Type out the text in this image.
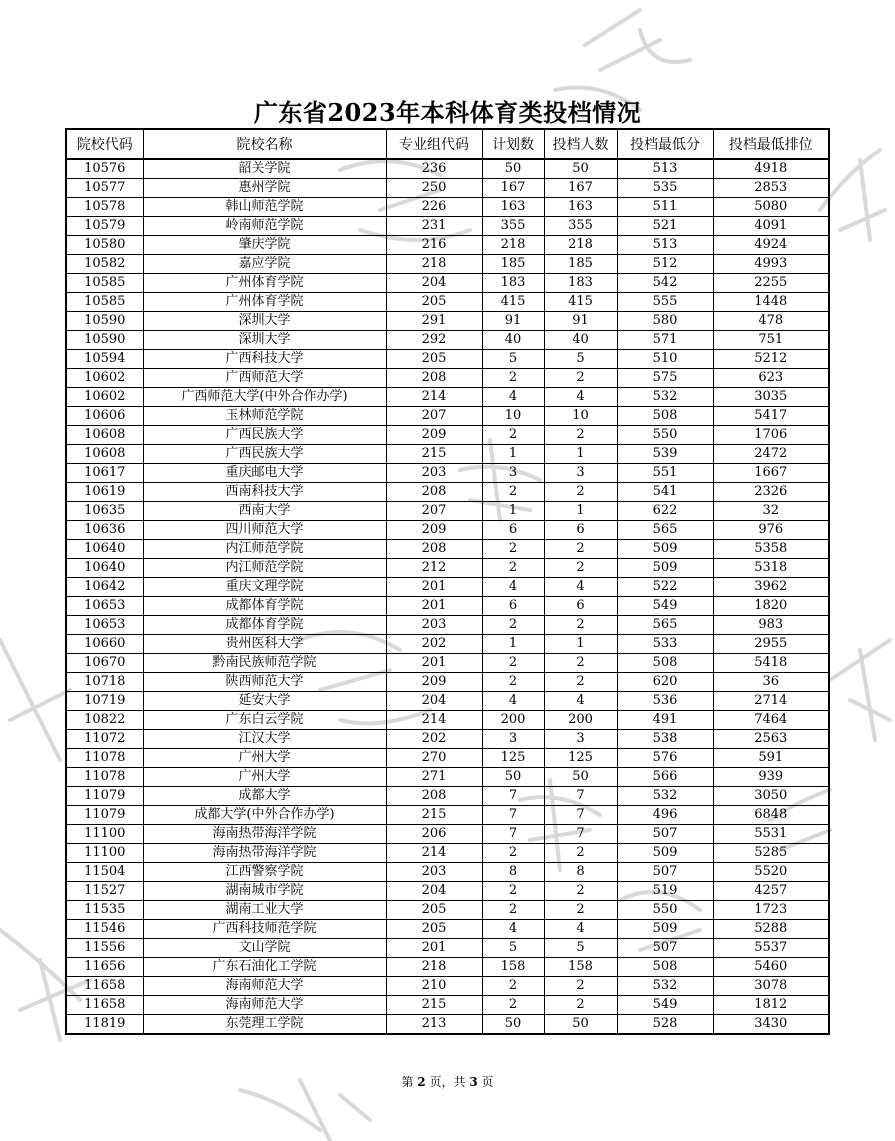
广东省2023年本科体育类投档情况
院校代码	院校名称	专业组代码	计划数	投档人数	投档最低分	投档最低排位
10576	韶关学院	236	50	50	513	4918
10577	惠州学院	250	167	167	535	2853
10578	韩山师范学院	226	163	163	511	5080
10579	岭南师范学院	231	355	355	521	4091
10580	肇庆学院	216	218	218	513	4924
10582	嘉应学院	218	185	185	512	4993
10585	广州体育学院	204	183	183	542	2255
10585	广州体育学院	205	415	415	555	1448
10590	深圳大学	291	91	91	580	478
10590	深圳大学	292	40	40	571	751
10594	广西科技大学	205	5	5	510	5212
10602	广西师范大学	208	2	2	575	623
10602	广西师范大学(中外合作办学)	214	4	4	532	3035
10606	玉林师范学院	207	10	10	508	5417
10608	广西民族大学	209	2	2	550	1706
10608	广西民族大学	215	1	1	539	2472
10617	重庆邮电大学	203	3	3	551	1667
10619	西南科技大学	208	2	2	541	2326
10635	西南大学	207	1	1	622	32
10636	四川师范大学	209	6	6	565	976
10640	内江师范学院	208	2	2	509	5358
10640	内江师范学院	212	2	2	509	5318
10642	重庆文理学院	201	4	4	522	3962
10653	成都体育学院	201	6	6	549	1820
10653	成都体育学院	203	2	2	565	983
10660	贵州医科大学	202	1	1	533	2955
10670	黔南民族师范学院	201	2	2	508	5418
10718	陕西师范大学	209	2	2	620	36
10719	延安大学	204	4	4	536	2714
10822	广东白云学院	214	200	200	491	7464
11072	江汉大学	202	3	3	538	2563
11078	广州大学	270	125	125	576	591
11078	广州大学	271	50	50	566	939
11079	成都大学	208	7	7	532	3050
11079	成都大学(中外合作办学)	215	7	7	496	6848
11100	海南热带海洋学院	206	7	7	507	5531
11100	海南热带海洋学院	214	2	2	509	5285
11504	江西警察学院	203	8	8	507	5520
11527	湖南城市学院	204	2	2	519	4257
11535	湖南工业大学	205	2	2	550	1723
11546	广西科技师范学院	205	4	4	509	5288
11556	文山学院	201	5	5	507	5537
11656	广东石油化工学院	218	158	158	508	5460
11658	海南师范大学	210	2	2	532	3078
11658	海南师范大学	215	2	2	549	1812
11819	东莞理工学院	213	50	50	528	3430
第 2 页，共 3 页
